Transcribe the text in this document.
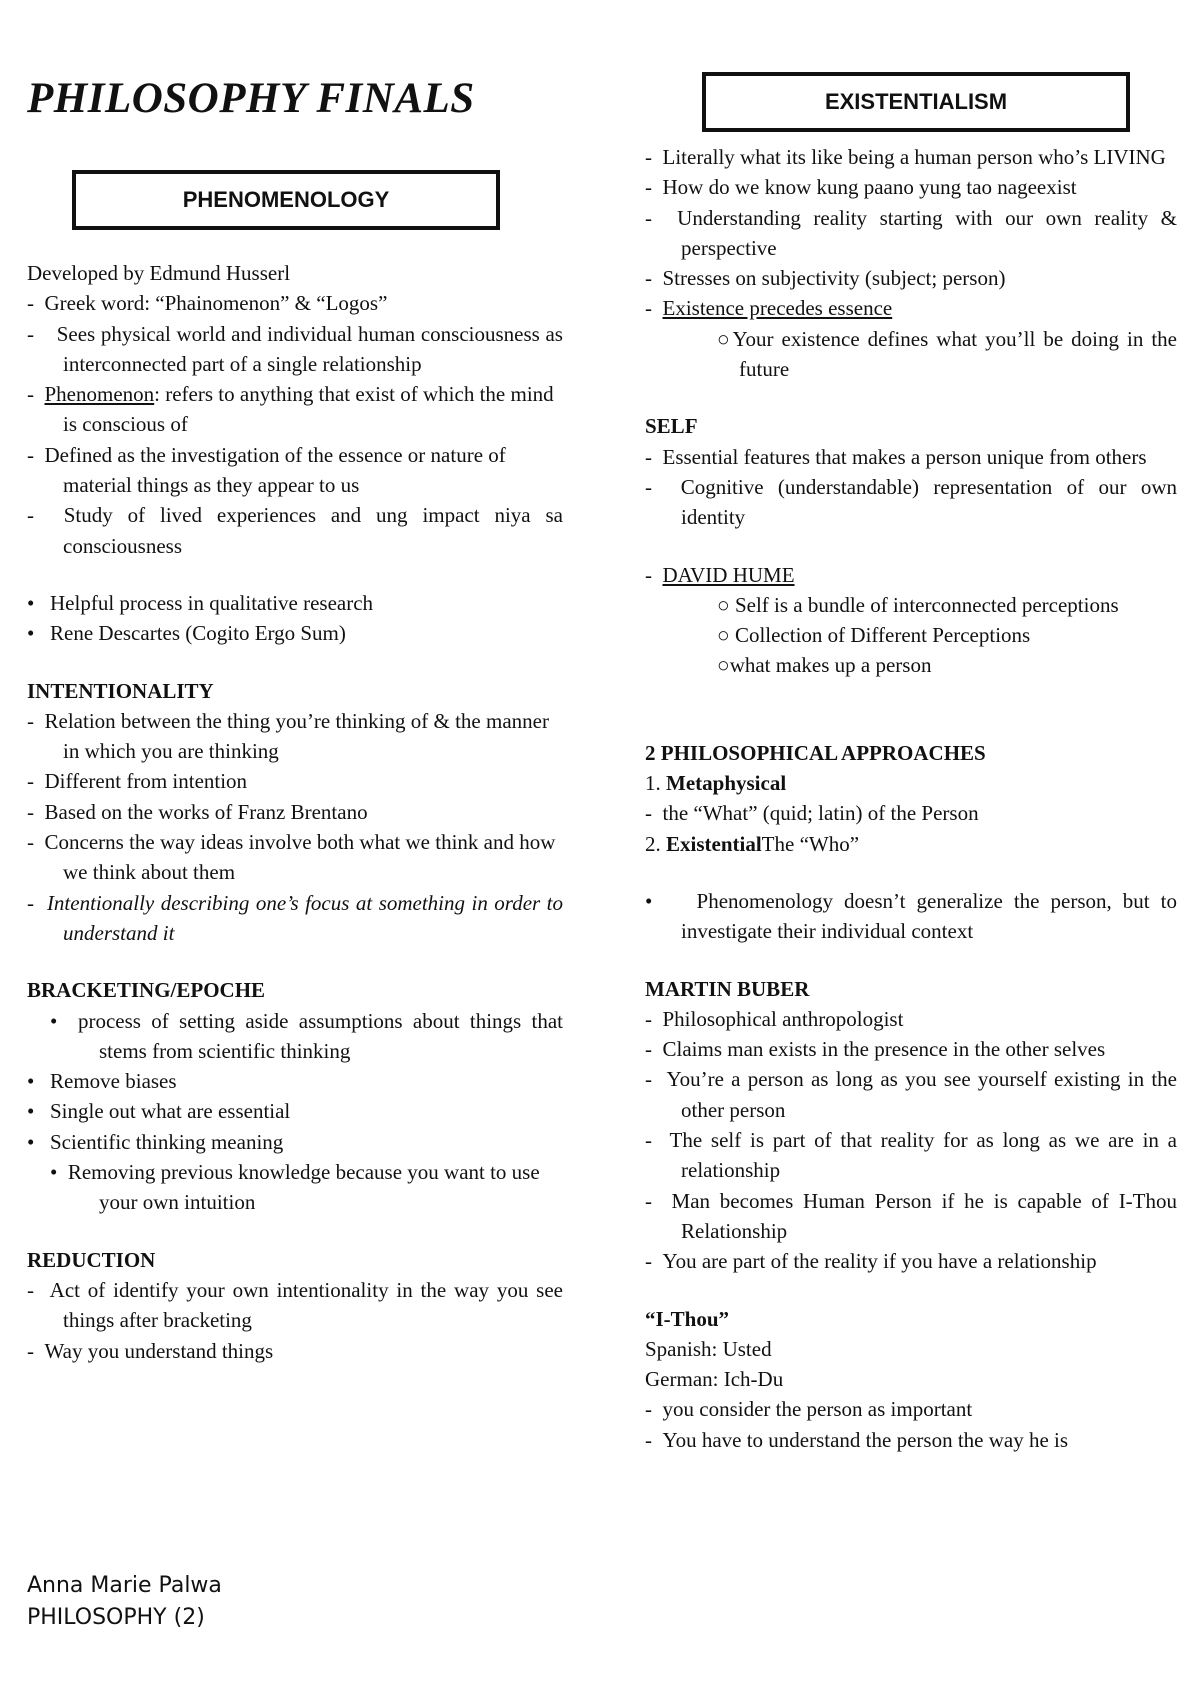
PHILOSOPHY FINALS
PHENOMENOLOGY
Developed by Edmund Husserl
-  Greek word: “Phainomenon” & “Logos”
-    Sees physical world and individual human consciousness as interconnected part of a single relationship
-  Phenomenon: refers to anything that exist of which the mind is conscious of
-  Defined as the investigation of the essence or nature of material things as they appear to us
-  Study of lived experiences and ung impact niya sa consciousness
• Helpful process in qualitative research
• Rene Descartes (Cogito Ergo Sum)
INTENTIONALITY
-  Relation between the thing you’re thinking of & the manner in which you are thinking
-  Different from intention
-  Based on the works of Franz Brentano
-  Concerns the way ideas involve both what we think and how we think about them
-  Intentionally describing one’s focus at something in order to understand it
BRACKETING/EPOCHE
•  process of setting aside assumptions about things that stems from scientific thinking
• Remove biases
• Single out what are essential
• Scientific thinking meaning
•  Removing previous knowledge because you want to use your own intuition
REDUCTION
-  Act of identify your own intentionality in the way you see things after bracketing
-  Way you understand things
Anna Marie Palwa
PHILOSOPHY (2)
EXISTENTIALISM
-  Literally what its like being a human person who’s LIVING
-  How do we know kung paano yung tao nageexist
-  Understanding reality starting with our own reality & perspective
-  Stresses on subjectivity (subject; person)
-  Existence precedes essence
○Your existence defines what you’ll be doing in the future
SELF
-  Essential features that makes a person unique from others
-  Cognitive (understandable) representation of our own identity
-  DAVID HUME
○ Self is a bundle of interconnected perceptions
○ Collection of Different Perceptions
○what makes up a person
2 PHILOSOPHICAL APPROACHES
1. Metaphysical
-  the “What” (quid; latin) of the Person
2. ExistentialThe “Who”
•    Phenomenology doesn’t generalize the person, but to investigate their individual context
MARTIN BUBER
-  Philosophical anthropologist
-  Claims man exists in the presence in the other selves
-  You’re a person as long as you see yourself existing in the other person
-  The self is part of that reality for as long as we are in a relationship
-  Man becomes Human Person if he is capable of I-Thou Relationship
-  You are part of the reality if you have a relationship
“I-Thou”
Spanish: Usted
German: Ich-Du
-  you consider the person as important
-  You have to understand the person the way he is
